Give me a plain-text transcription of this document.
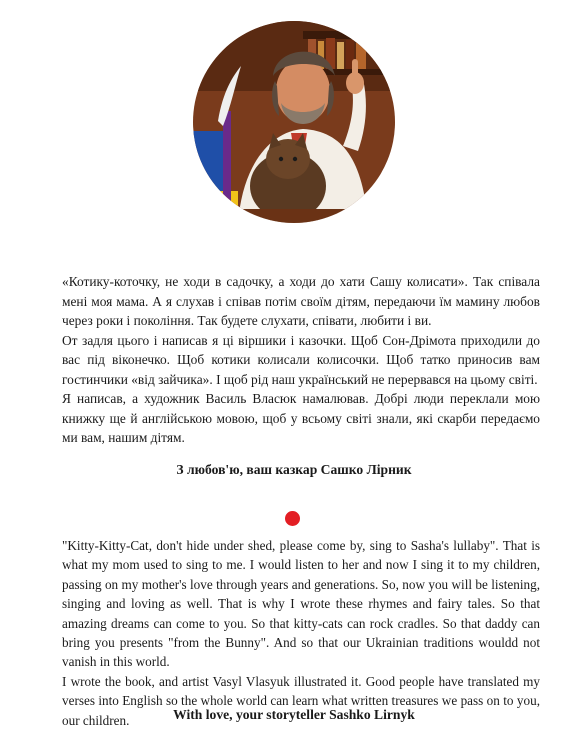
«Котику-коточку, не ходи в садочку, а ходи до хати Сашу колисати». Так співала мені моя мама. А я слухав і співав потім своїм дітям, передаючи їм мамину любов через роки і покоління. Так будете слухати, співати, любити і ви.

От задля цього і написав я ці віршики і казочки. Щоб Сон-Дрімота приходили до вас під віконечко. Щоб котики колисали колисочки. Щоб татко приносив вам гостинчики «від зайчика». І щоб рід наш український не перервався на цьому світі.

Я написав, а художник Василь Власюк намалював. Добрі люди переклали мою книжку ще й англійською мовою, щоб у всьому світі знали, які скарби передаємо ми вам, нашим дітям.

З любов'ю, ваш казкар Сашко Лірник

"Kitty-Kitty-Cat, don't hide under shed, please come by, sing to Sasha's lullaby". That is what my mom used to sing to me. I would listen to her and now I sing it to my children, passing on my mother's love through years and generations. So, now you will be listening, singing and loving as well. That is why I wrote these rhymes and fairy tales. So that amazing dreams can come to you. So that kitty-cats can rock cradles. So that daddy can bring you presents "from the Bunny". And so that our Ukrainian traditions wouldd not vanish in this world.

I wrote the book, and artist Vasyl Vlasyuk illustrated it. Good people have translated my verses into English so the whole world can learn what written treasures we pass on to you, our children.	With love, your storyteller Sashko Lirnyk
